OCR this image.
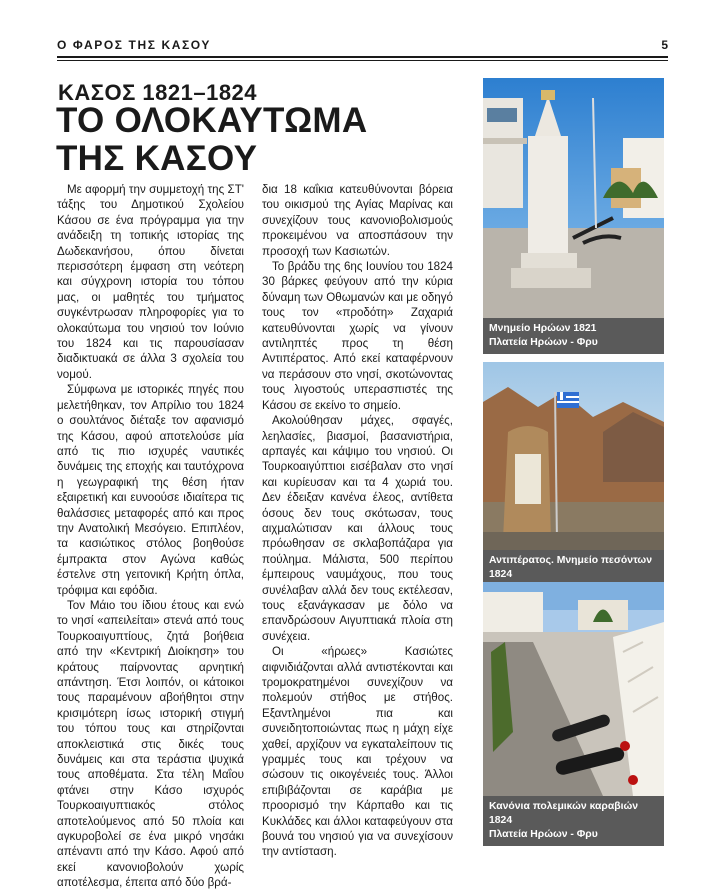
Ο ΦΑΡΟΣ ΤΗΣ ΚΑΣΟΥ	5
ΚΑΣΟΣ 1821–1824
ΤΟ ΟΛΟΚΑΥΤΩΜΑ
ΤΗΣ ΚΑΣΟΥ

Με αφορμή την συμμετοχή της ΣΤ' τάξης του Δημοτικού Σχολείου Κάσου σε ένα πρόγραμμα για την ανάδειξη τη τοπικής ιστορίας της Δωδεκανήσου, όπου δίνεται περισσότερη έμφαση στη νεότερη και σύγχρονη ιστορία του τόπου μας, οι μαθητές του τμήματος συγκέντρωσαν πληροφορίες για το ολοκαύτωμα του νησιού τον Ιούνιο του 1824 και τις παρουσίασαν διαδικτυακά σε άλλα 3 σχολεία του νομού.

Σύμφωνα με ιστορικές πηγές που μελετήθηκαν, τον Απρίλιο του 1824 ο σουλτάνος διέταξε τον αφανισμό της Κάσου, αφού αποτελούσε μία από τις πιο ισχυρές ναυτικές δυνάμεις της εποχής και ταυτόχρονα η γεωγραφική της θέση ήταν εξαιρετική και ευνοούσε ιδιαίτερα τις θαλάσσιες μεταφορές από και προς την Ανατολική Μεσόγειο. Επιπλέον, τα κασιώτικος στόλος βοηθούσε έμπρακτα στον Αγώνα καθώς έστελνε στη γειτονική Κρήτη όπλα, τρόφιμα και εφόδια.

Τον Μάιο του ίδιου έτους και ενώ το νησί «απειλείται» στενά από τους Τουρκοαιγυπτίους, ζητά βοήθεια από την «Κεντρική Διοίκηση» του κράτους παίρνοντας αρνητική απάντηση. Έτσι λοιπόν, οι κάτοικοι τους παραμένουν αβοήθητοι στην κρισιμότερη ίσως ιστορική στιγμή του τόπου τους και στηρίζονται αποκλειστικά στις δικές τους δυνάμεις και στα τεράστια ψυχικά τους αποθέματα. Στα τέλη Μαΐου φτάνει στην Κάσο ισχυρός Τουρκοαιγυπτιακός στόλος αποτελούμενος από 50 πλοία και αγκυροβολεί σε ένα μικρό νησάκι απέναντι από την Κάσο. Αφού από εκεί κανονιοβολούν χωρίς αποτέλεσμα, έπειτα από δύο βρά-

δια 18 καΐκια κατευθύνονται βόρεια του οικισμού της Αγίας Μαρίνας και συνεχίζουν τους κανονιοβολισμούς προκειμένου να αποσπάσουν την προσοχή των Κασιωτών.

Το βράδυ της 6ης Ιουνίου του 1824 30 βάρκες φεύγουν από την κύρια δύναμη των Οθωμανών και με οδηγό τους τον «προδότη» Ζαχαριά κατευθύνονται χωρίς να γίνουν αντιληπτές προς τη θέση Αντιπέρατος. Από εκεί καταφέρνουν να περάσουν στο νησί, σκοτώνοντας τους λιγοστούς υπερασπιστές της Κάσου σε εκείνο το σημείο.

Ακολούθησαν μάχες, σφαγές, λεηλασίες, βιασμοί, βασανιστήρια, αρπαγές και κάψιμο του νησιού. Οι Τουρκοαιγύπτιοι εισέβαλαν στο νησί και κυρίευσαν και τα 4 χωριά του. Δεν έδειξαν κανένα έλεος, αντίθετα όσους δεν τους σκότωσαν, τους αιχμαλώτισαν και άλλους τους πρόωθησαν σε σκλαβοπάζαρα για πούλημα. Μάλιστα, 500 περίπου έμπειρους ναυμάχους, που τους συνέλαβαν αλλά δεν τους εκτέλεσαν, τους εξανάγκασαν με δόλο να επανδρώσουν Αιγυπτιακά πλοία στη συνέχεια.

Οι «ήρωες» Κασιώτες αιφνιδιάζονται αλλά αντιστέκονται και τρομοκρατημένοι συνεχίζουν να πολεμούν στήθος με στήθος. Εξαντλημένοι πια και συνειδητοποιώντας πως η μάχη είχε χαθεί, αρχίζουν να εγκαταλείπουν τις γραμμές τους και τρέχουν να σώσουν τις οικογένειές τους. Άλλοι επιβιβάζονται σε καράβια με προορισμό την Κάρπαθο και τις Κυκλάδες και άλλοι καταφεύγουν στα βουνά του νησιού για να συνεχίσουν την αντίσταση.

Μνημείο Ηρώων 1821
Πλατεία Ηρώων - Φρυ
Αντιπέρατος. Μνημείο πεσόντων 1824
Κανόνια πολεμικών καραβιών 1824
Πλατεία Ηρώων - Φρυ
